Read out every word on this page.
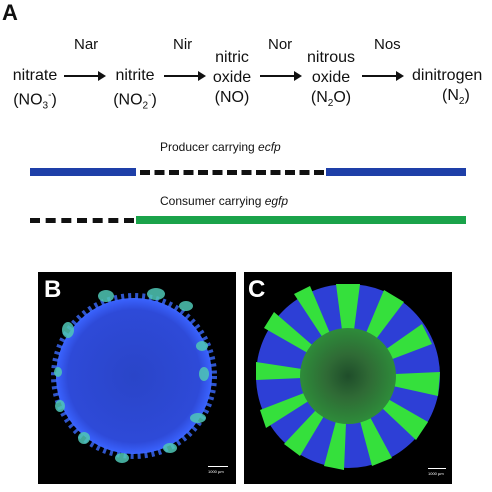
A
Nar	Nir	Nor	Nos
nitrate
$(NO_3^-)$
nitrite
$(NO_2^-)$
nitric
oxide
(NO)
nitrous
oxide
$(N_2O)$
dinitrogen
$(N_2)$
Producer carrying ecfp
Consumer carrying egfp
B
1000 µm
C
1000 µm
